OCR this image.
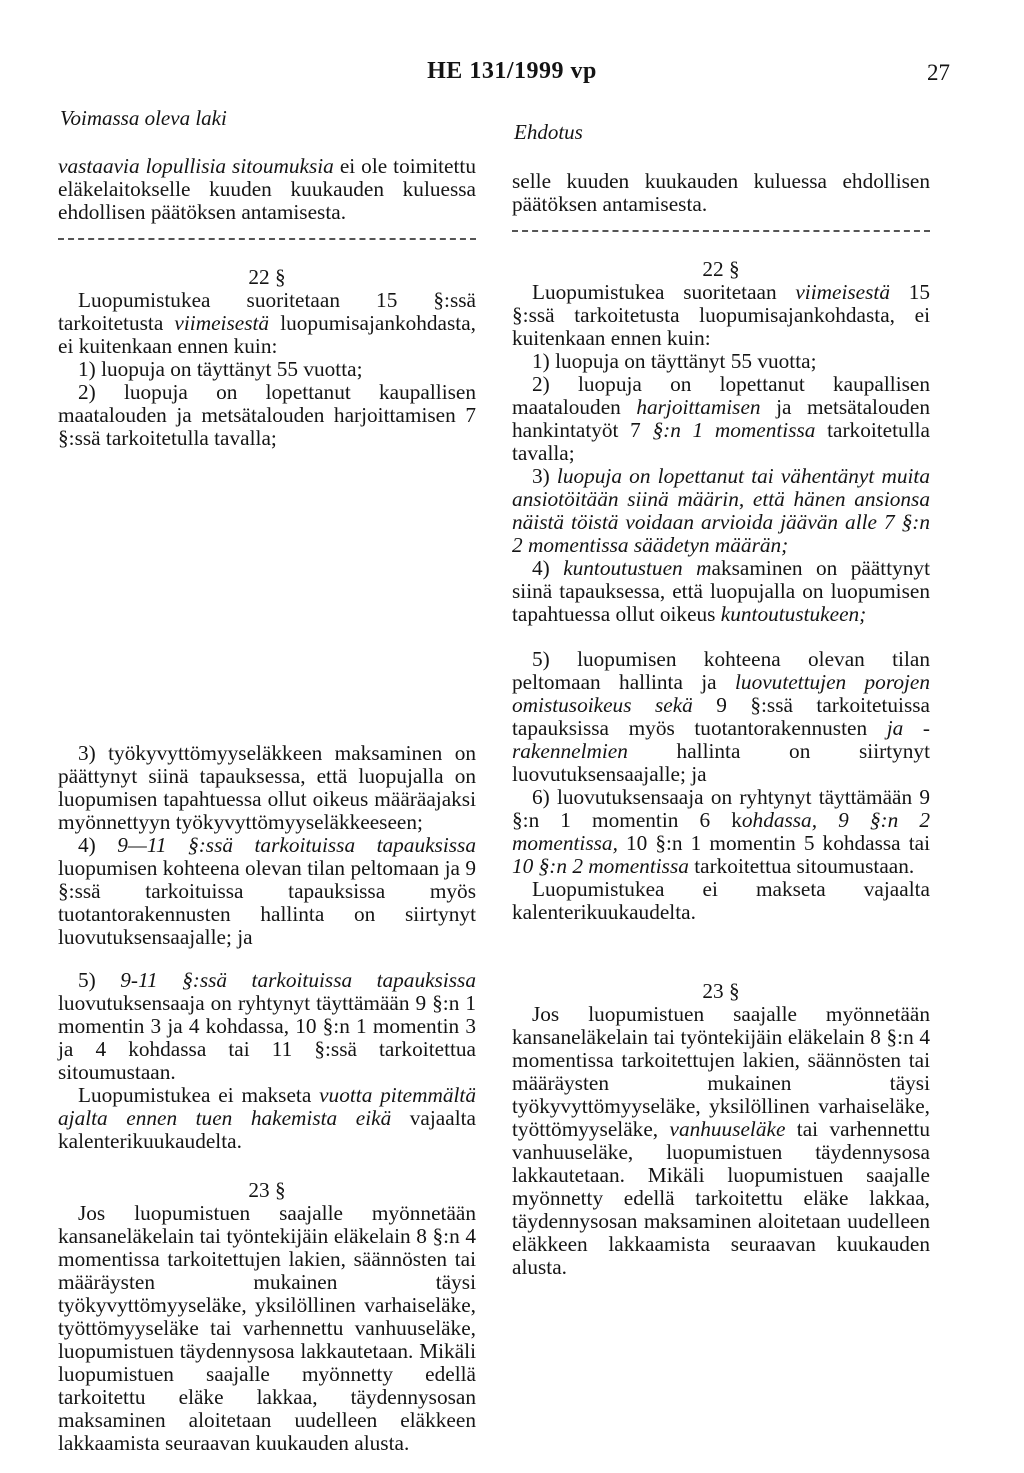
HE 131/1999 vp	27
Voimassa oleva laki
Ehdotus

vastaavia lopullisia sitoumuksia ei ole toimitettu eläkelaitokselle kuuden kuukauden kuluessa ehdollisen päätöksen antamisesta.

22 §

Luopumistukea suoritetaan 15 §:ssä tarkoitetusta viimeisestä luopumisajankohdasta, ei kuitenkaan ennen kuin:

1) luopuja on täyttänyt 55 vuotta;

2) luopuja on lopettanut kaupallisen maatalouden ja metsätalouden harjoittamisen 7 §:ssä tarkoitetulla tavalla;

3) työkyvyttömyyseläkkeen maksaminen on päättynyt siinä tapauksessa, että luopujalla on luopumisen tapahtuessa ollut oikeus määräajaksi myönnettyyn työkyvyttömyyseläkkeeseen;

4) 9—11 §:ssä tarkoituissa tapauksissa luopumisen kohteena olevan tilan peltomaan ja 9 §:ssä tarkoituissa tapauksissa myös tuotantorakennusten hallinta on siirtynyt luovutuksensaajalle; ja

5) 9-11 §:ssä tarkoituissa tapauksissa luovutuksensaaja on ryhtynyt täyttämään 9 §:n 1 momentin 3 ja 4 kohdassa, 10 §:n 1 momentin 3 ja 4 kohdassa tai 11 §:ssä tarkoitettua sitoumustaan.

Luopumistukea ei makseta vuotta pitemmältä ajalta ennen tuen hakemista eikä vajaalta kalenterikuukaudelta.

23 §

Jos luopumistuen saajalle myönnetään kansaneläkelain tai työntekijäin eläkelain 8 §:n 4 momentissa tarkoitettujen lakien, säännösten tai määräysten mukainen täysi työkyvyttömyyseläke, yksilöllinen varhaiseläke, työttömyyseläke tai varhennettu vanhuuseläke, luopumistuen täydennysosa lakkautetaan. Mikäli luopumistuen saajalle myönnetty edellä tarkoitettu eläke lakkaa, täydennysosan maksaminen aloitetaan uudelleen eläkkeen lakkaamista seuraavan kuukauden alusta.

selle kuuden kuukauden kuluessa ehdollisen päätöksen antamisesta.

22 §

Luopumistukea suoritetaan viimeisestä 15 §:ssä tarkoitetusta luopumisajankohdasta, ei kuitenkaan ennen kuin:

1) luopuja on täyttänyt 55 vuotta;

2) luopuja on lopettanut kaupallisen maatalouden harjoittamisen ja metsätalouden hankintatyöt 7 §:n 1 momentissa tarkoitetulla tavalla;

3) luopuja on lopettanut tai vähentänyt muita ansiotöitään siinä määrin, että hänen ansionsa näistä töistä voidaan arvioida jäävän alle 7 §:n 2 momentissa säädetyn määrän;

4) kuntoutustuen maksaminen on päättynyt siinä tapauksessa, että luopujalla on luopumisen tapahtuessa ollut oikeus kuntoutustukeen;

5) luopumisen kohteena olevan tilan peltomaan hallinta ja luovutettujen porojen omistusoikeus sekä 9 §:ssä tarkoitetuissa tapauksissa myös tuotantorakennusten ja -rakennelmien hallinta on siirtynyt luovutuksensaajalle; ja

6) luovutuksensaaja on ryhtynyt täyttämään 9 §:n 1 momentin 6 kohdassa, 9 §:n 2 momentissa, 10 §:n 1 momentin 5 kohdassa tai 10 §:n 2 momentissa tarkoitettua sitoumustaan.

Luopumistukea ei makseta vajaalta kalenterikuukaudelta.

23 §

Jos luopumistuen saajalle myönnetään kansaneläkelain tai työntekijäin eläkelain 8 §:n 4 momentissa tarkoitettujen lakien, säännösten tai määräysten mukainen täysi työkyvyttömyyseläke, yksilöllinen varhaiseläke, työttömyyseläke, vanhuuseläke tai varhennettu vanhuuseläke, luopumistuen täydennysosa lakkautetaan. Mikäli luopumistuen saajalle myönnetty edellä tarkoitettu eläke lakkaa, täydennysosan maksaminen aloitetaan uudelleen eläkkeen lakkaamista seuraavan kuukauden alusta.
